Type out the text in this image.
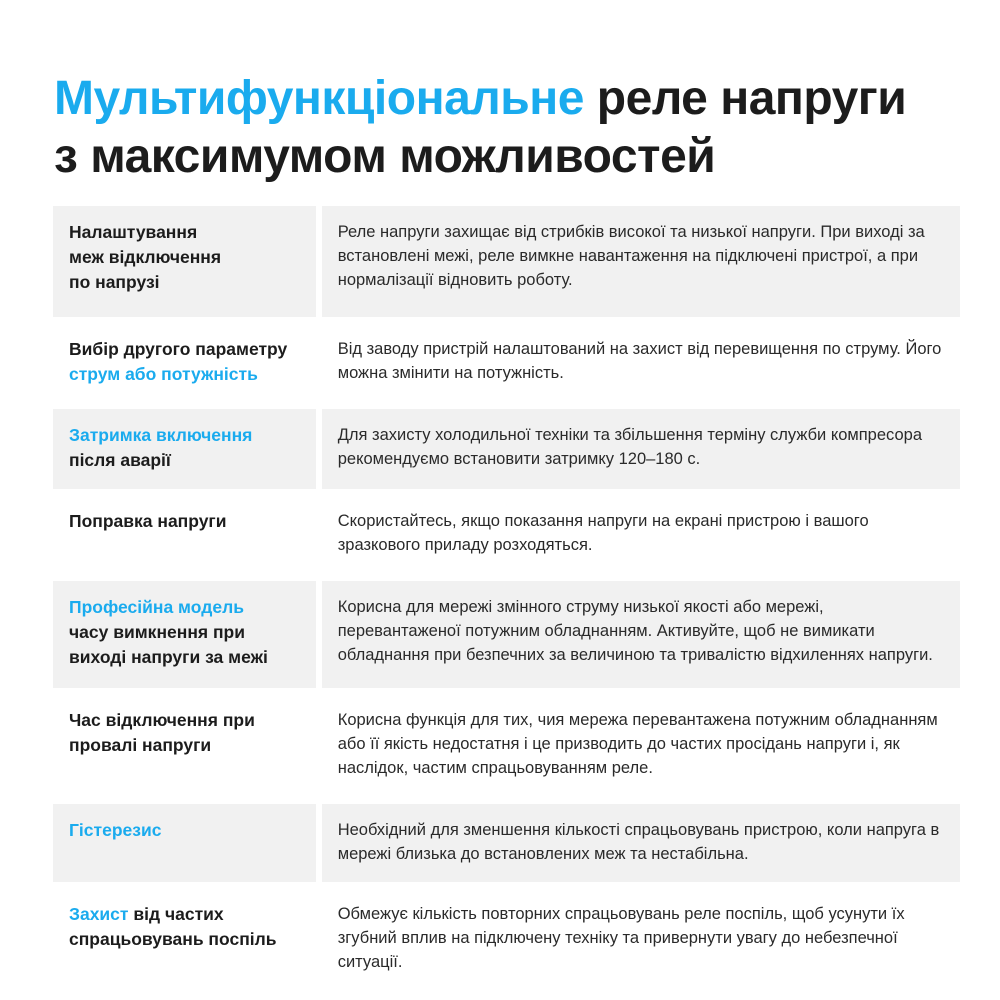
Мультифункціональне реле напруги
з максимумом можливостей
Налаштування
меж відключення
по напрузі
Реле напруги захищає від стрибків високої та низької напруги. При виході за встановлені межі, реле вимкне навантаження на підключені пристрої, а при нормалізації відновить роботу.
Вибір другого параметру
струм або потужність
Від заводу пристрій налаштований на захист від перевищення по струму. Його можна змінити на потужність.
Затримка включення
після аварії
Для захисту холодильної техніки та збільшення терміну служби компресора рекомендуємо встановити затримку 120–180 с.
Поправка напруги	Скористайтесь, якщо показання напруги на екрані пристрою і вашого зразкового приладу розходяться.
Професійна модель
часу вимкнення при
виході напруги за межі
Корисна для мережі змінного струму низької якості або мережі, перевантаженої потужним обладнанням. Активуйте, щоб не вимикати обладнання при безпечних за величиною та тривалістю відхиленнях напруги.
Час відключення при
провалі напруги
Корисна функція для тих, чия мережа перевантажена потужним обладнанням або її якість недостатня і це призводить до частих просідань напруги і, як наслідок, частим спрацьовуванням реле.
Гістерезис	Необхідний для зменшення кількості спрацьовувань пристрою, коли напруга в мережі близька до встановлених меж та нестабільна.
Захист від частих
спрацьовувань поспіль
Обмежує кількість повторних спрацьовувань реле поспіль, щоб усунути їх згубний вплив на підключену техніку та привернути увагу до небезпечної ситуації.
